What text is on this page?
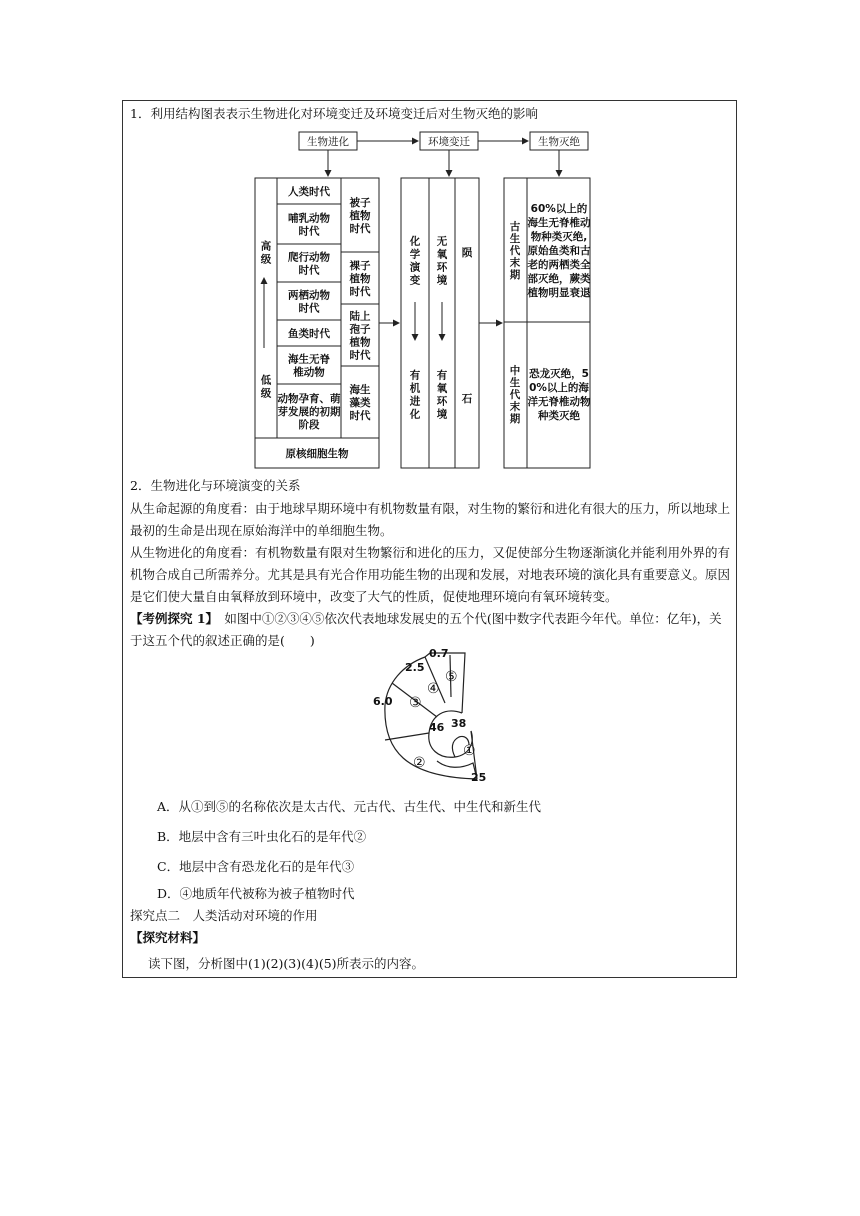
1．利用结构图表表示生物进化对环境变迁及环境变迁后对生物灭绝的影响
生物进化	环境变迁	生物灭绝
人类时代
哺乳动物时代
爬行动物时代
两栖动物时代
鱼类时代
海生无脊椎动物
动物孕育、萌芽发展的初期阶段
被子植物时代
裸子植物时代
陆上孢子植物时代
海生藻类时代
原核细胞生物
高级
低级
化学演变
有机进化
无氧环境
有氧环境
陨
石
古生代末期
中生代末期
60%以上的海生无脊椎动物种类灭绝,原始鱼类和古老的两栖类全部灭绝，蕨类植物明显衰退
恐龙灭绝，5 0%以上的海洋无脊椎动物种类灭绝
2．生物进化与环境演变的关系
从生命起源的角度看：由于地球早期环境中有机物数量有限，对生物的繁衍和进化有很大的压力，所以地球上最初的生命是出现在原始海洋中的单细胞生物。
从生物进化的角度看：有机物数量有限对生物繁衍和进化的压力，又促使部分生物逐渐演化并能利用外界的有机物合成自己所需养分。尤其是具有光合作用功能生物的出现和发展，对地表环境的演化具有重要意义。原因是它们使大量自由氧释放到环境中，改变了大气的性质，促使地理环境向有氧环境转变。
【考例探究 1】　如图中①②③④⑤依次代表地球发展史的五个代(图中数字代表距今年代。单位：亿年)，关于这五个代的叙述正确的是(　　)
0.7
2.5
6.0
46 38
25
①
②
③
④
⑤
A．从①到⑤的名称依次是太古代、元古代、古生代、中生代和新生代
B．地层中含有三叶虫化石的是年代②
C．地层中含有恐龙化石的是年代③
D．④地质年代被称为被子植物时代
探究点二　人类活动对环境的作用
【探究材料】
读下图，分析图中(1)(2)(3)(4)(5)所表示的内容。
